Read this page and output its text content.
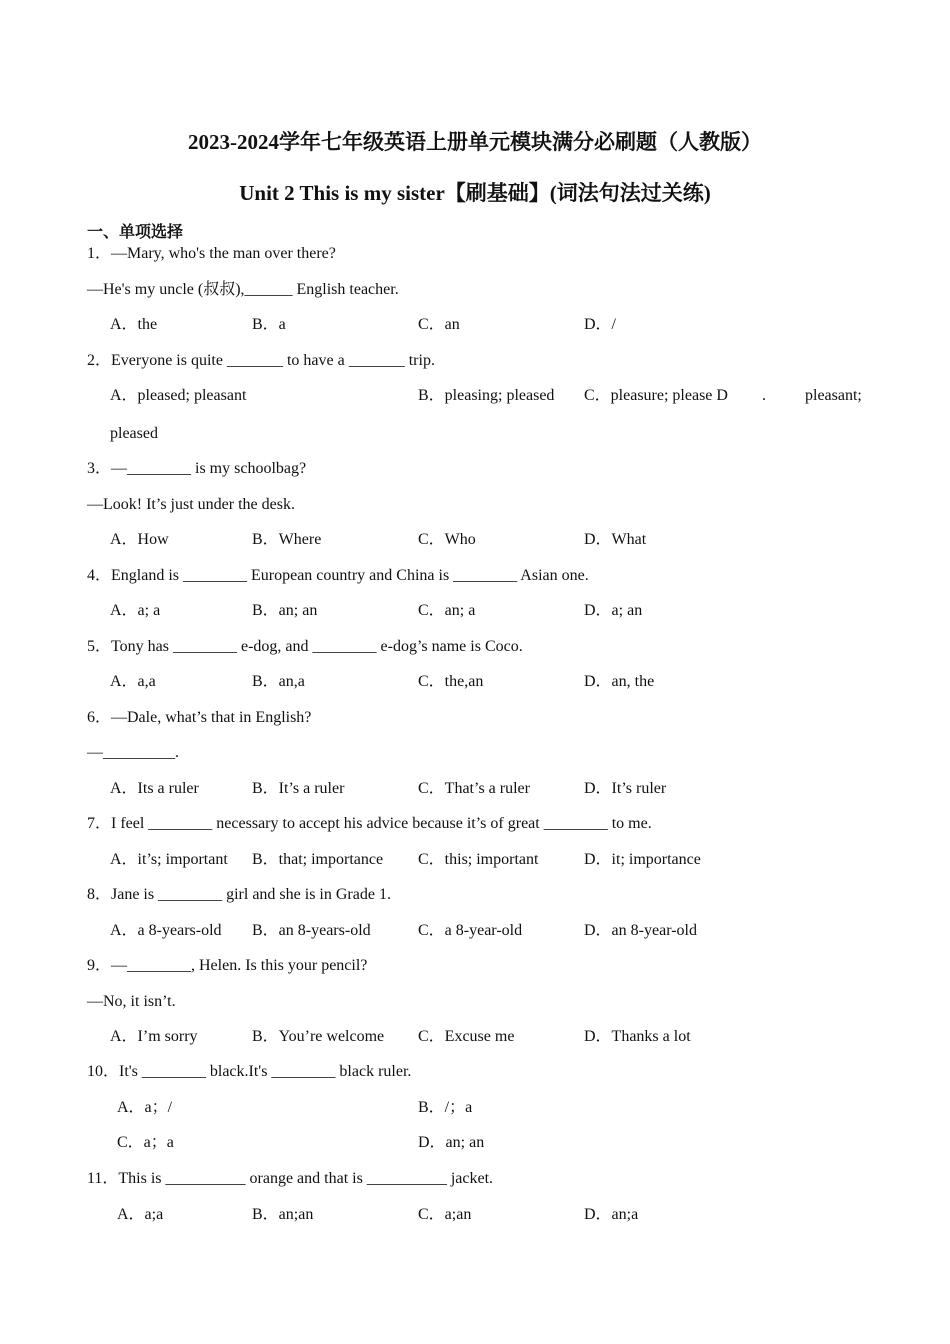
2023-2024学年七年级英语上册单元模块满分必刷题（人教版）
Unit 2 This is my sister【刷基础】(词法句法过关练)
一、单项选择
1．—Mary, who's the man over there?
—He's my uncle (叔叔),______ English teacher.
A．the	B．a	C．an	D．/
2．Everyone is quite _______ to have a _______ trip.
A．pleased; pleasant	B．pleasing; pleased C．pleasure; please D . pleasant;
pleased
3．—________ is my schoolbag?
—Look! It’s just under the desk.
A．How	B．Where	C．Who	D．What
4．England is ________ European country and China is ________ Asian one.
A．a; a	B．an; an	C．an; a	D．a; an
5．Tony has ________ e-dog, and ________ e-dog’s name is Coco.
A．a,a	B．an,a	C．the,an	D．an, the
6．—Dale, what’s that in English?
—_________.
A．Its a ruler	B．It’s a ruler	C．That’s a ruler	D．It’s ruler
7．I feel ________ necessary to accept his advice because it’s of great ________ to me.
A．it’s; important B．that; importance C．this; important	D．it; importance
8．Jane is ________ girl and she is in Grade 1.
A．a 8-years-old B．an 8-years-old	C．a 8-year-old	D．an 8-year-old
9．—________, Helen. Is this your pencil?
—No, it isn’t.
A．I’m sorry	B．You’re welcome C．Excuse me	D．Thanks a lot
10．It's ________ black.It's ________ black ruler.
A．a；/	B．/；a
C．a；a	D．an; an
11．This is __________ orange and that is __________ jacket.
A．a;a	B．an;an	C．a;an	D．an;a
